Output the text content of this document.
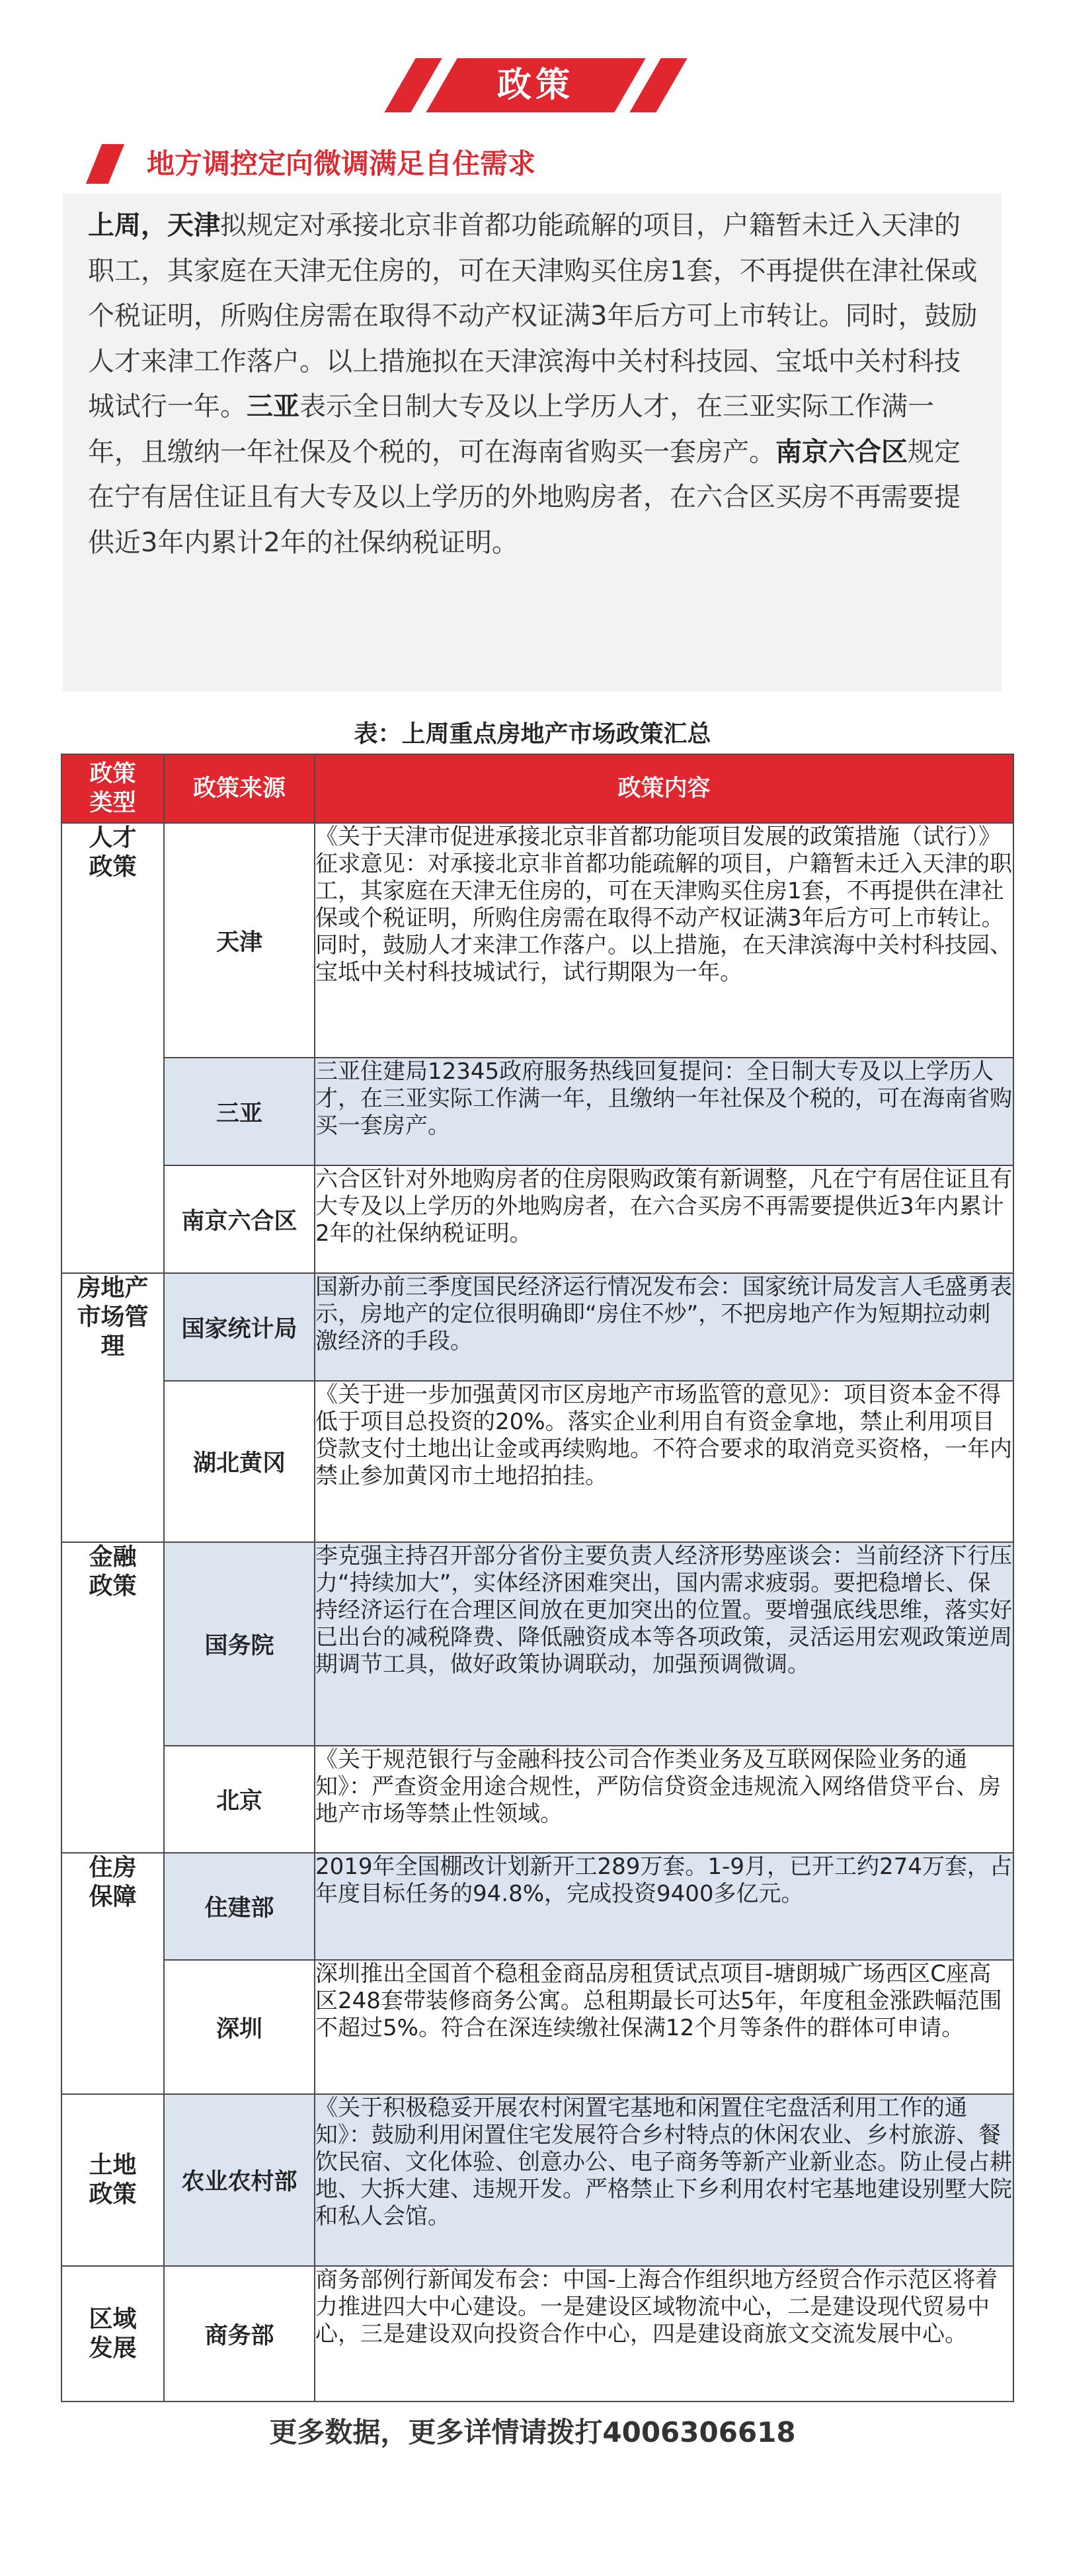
政策
地方调控定向微调满足自住需求
上周，天津拟规定对承接北京非首都功能疏解的项目，户籍暂未迁入天津的职工，其家庭在天津无住房的，可在天津购买住房1套，不再提供在津社保或个税证明，所购住房需在取得不动产权证满3年后方可上市转让。同时，鼓励人才来津工作落户。以上措施拟在天津滨海中关村科技园、宝坻中关村科技城试行一年。三亚表示全日制大专及以上学历人才，在三亚实际工作满一年，且缴纳一年社保及个税的，可在海南省购买一套房产。南京六合区规定在宁有居住证且有大专及以上学历的外地购房者，在六合区买房不再需要提供近3年内累计2年的社保纳税证明。
表：上周重点房地产市场政策汇总
政策类型	政策来源	政策内容
人才政策	天津	《关于天津市促进承接北京非首都功能项目发展的政策措施（试行）》征求意见：对承接北京非首都功能疏解的项目，户籍暂未迁入天津的职工，其家庭在天津无住房的，可在天津购买住房1套，不再提供在津社保或个税证明，所购住房需在取得不动产权证满3年后方可上市转让。同时，鼓励人才来津工作落户。以上措施，在天津滨海中关村科技园、宝坻中关村科技城试行，试行期限为一年。
	三亚	三亚住建局12345政府服务热线回复提问：全日制大专及以上学历人才，在三亚实际工作满一年，且缴纳一年社保及个税的，可在海南省购买一套房产。
	南京六合区	六合区针对外地购房者的住房限购政策有新调整，凡在宁有居住证且有大专及以上学历的外地购房者，在六合买房不再需要提供近3年内累计2年的社保纳税证明。
房地产市场管理	国家统计局	国新办前三季度国民经济运行情况发布会：国家统计局发言人毛盛勇表示，房地产的定位很明确即“房住不炒”，不把房地产作为短期拉动刺激经济的手段。
	湖北黄冈	《关于进一步加强黄冈市区房地产市场监管的意见》：项目资本金不得低于项目总投资的20%。落实企业利用自有资金拿地，禁止利用项目贷款支付土地出让金或再续购地。不符合要求的取消竞买资格，一年内禁止参加黄冈市土地招拍挂。
金融政策	国务院	李克强主持召开部分省份主要负责人经济形势座谈会：当前经济下行压力“持续加大”，实体经济困难突出，国内需求疲弱。要把稳增长、保持经济运行在合理区间放在更加突出的位置。要增强底线思维，落实好已出台的减税降费、降低融资成本等各项政策，灵活运用宏观政策逆周期调节工具，做好政策协调联动，加强预调微调。
	北京	《关于规范银行与金融科技公司合作类业务及互联网保险业务的通知》：严查资金用途合规性，严防信贷资金违规流入网络借贷平台、房地产市场等禁止性领域。
住房保障	住建部	2019年全国棚改计划新开工289万套。1-9月，已开工约274万套，占年度目标任务的94.8%，完成投资9400多亿元。
	深圳	深圳推出全国首个稳租金商品房租赁试点项目-塘朗城广场西区C座高区248套带装修商务公寓。总租期最长可达5年，年度租金涨跌幅范围不超过5%。符合在深连续缴社保满12个月等条件的群体可申请。
土地政策	农业农村部	《关于积极稳妥开展农村闲置宅基地和闲置住宅盘活利用工作的通知》：鼓励利用闲置住宅发展符合乡村特点的休闲农业、乡村旅游、餐饮民宿、文化体验、创意办公、电子商务等新产业新业态。防止侵占耕地、大拆大建、违规开发。严格禁止下乡利用农村宅基地建设别墅大院和私人会馆。
区域发展	商务部	商务部例行新闻发布会：中国-上海合作组织地方经贸合作示范区将着力推进四大中心建设。一是建设区域物流中心，二是建设现代贸易中心，三是建设双向投资合作中心，四是建设商旅文交流发展中心。
更多数据，更多详情请拨打4006306618
